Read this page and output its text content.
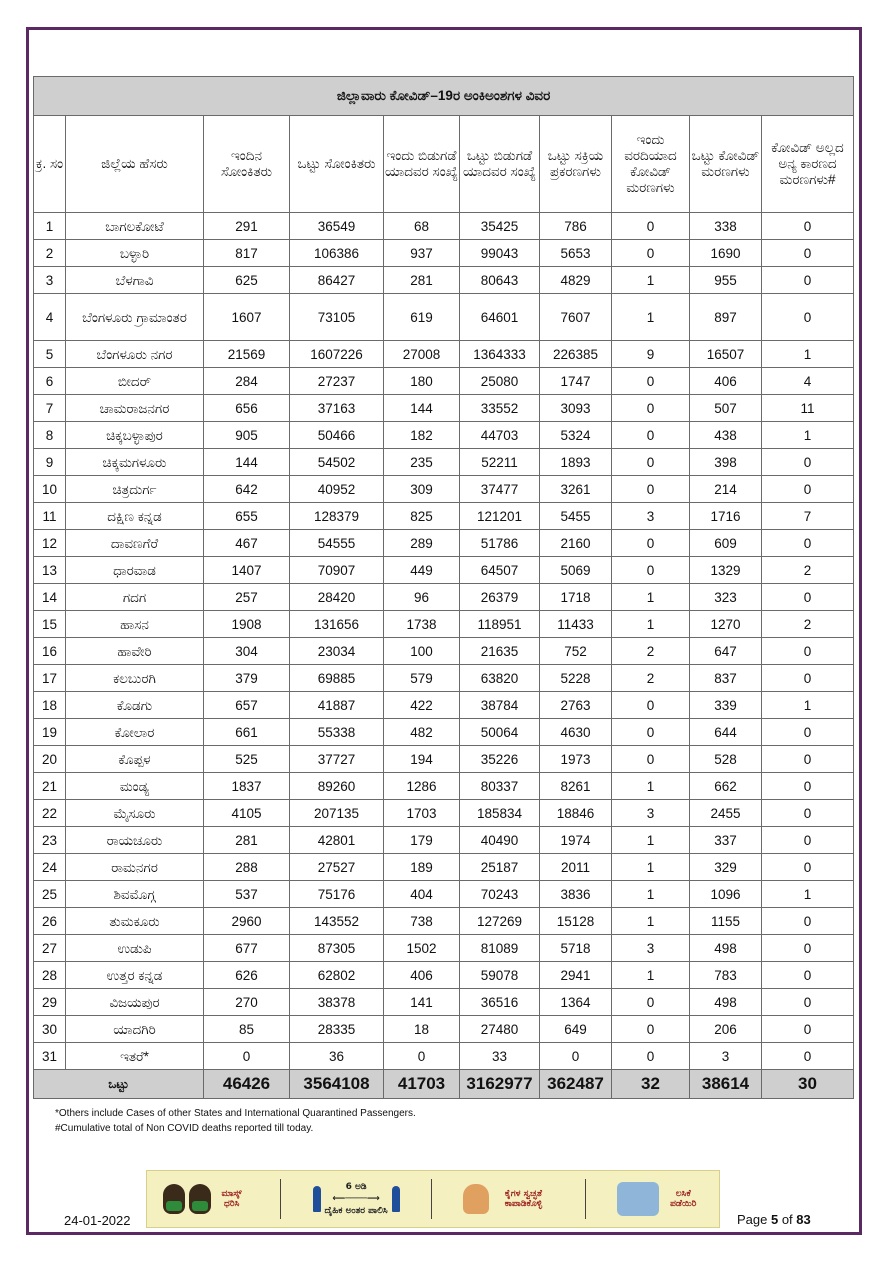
ಜಿಲ್ಲಾವಾರು ಕೋವಿಡ್–19ರ ಅಂಕಿಅಂಶಗಳ ವಿವರ									
ಕ್ರ. ಸಂ	ಜಿಲ್ಲೆಯ ಹೆಸರು	ಇಂದಿನ ಸೋಂಕಿತರು	ಒಟ್ಟು ಸೋಂಕಿತರು	ಇಂದು ಬಿಡುಗಡೆ ಯಾದವರ ಸಂಖ್ಯೆ	ಒಟ್ಟು ಬಿಡುಗಡೆ ಯಾದವರ ಸಂಖ್ಯೆ	ಒಟ್ಟು ಸಕ್ರಿಯ ಪ್ರಕರಣಗಳು	ಇಂದು ವರದಿಯಾದ ಕೋವಿಡ್ ಮರಣಗಳು	ಒಟ್ಟು ಕೋವಿಡ್ ಮರಣಗಳು	ಕೋವಿಡ್ ಅಲ್ಲದ ಅನ್ಯ ಕಾರಣದ ಮರಣಗಳು#
1	ಬಾಗಲಕೋಟೆ	291	36549	68	35425	786	0	338	0
2	ಬಳ್ಳಾರಿ	817	106386	937	99043	5653	0	1690	0
3	ಬೆಳಗಾವಿ	625	86427	281	80643	4829	1	955	0
4	ಬೆಂಗಳೂರು ಗ್ರಾಮಾಂತರ	1607	73105	619	64601	7607	1	897	0
5	ಬೆಂಗಳೂರು ನಗರ	21569	1607226	27008	1364333	226385	9	16507	1
6	ಬೀದರ್	284	27237	180	25080	1747	0	406	4
7	ಚಾಮರಾಜನಗರ	656	37163	144	33552	3093	0	507	11
8	ಚಿಕ್ಕಬಳ್ಳಾಪುರ	905	50466	182	44703	5324	0	438	1
9	ಚಿಕ್ಕಮಗಳೂರು	144	54502	235	52211	1893	0	398	0
10	ಚಿತ್ರದುರ್ಗ	642	40952	309	37477	3261	0	214	0
11	ದಕ್ಷಿಣ ಕನ್ನಡ	655	128379	825	121201	5455	3	1716	7
12	ದಾವಣಗೆರೆ	467	54555	289	51786	2160	0	609	0
13	ಧಾರವಾಡ	1407	70907	449	64507	5069	0	1329	2
14	ಗದಗ	257	28420	96	26379	1718	1	323	0
15	ಹಾಸನ	1908	131656	1738	118951	11433	1	1270	2
16	ಹಾವೇರಿ	304	23034	100	21635	752	2	647	0
17	ಕಲಬುರಗಿ	379	69885	579	63820	5228	2	837	0
18	ಕೊಡಗು	657	41887	422	38784	2763	0	339	1
19	ಕೋಲಾರ	661	55338	482	50064	4630	0	644	0
20	ಕೊಪ್ಪಳ	525	37727	194	35226	1973	0	528	0
21	ಮಂಡ್ಯ	1837	89260	1286	80337	8261	1	662	0
22	ಮೈಸೂರು	4105	207135	1703	185834	18846	3	2455	0
23	ರಾಯಚೂರು	281	42801	179	40490	1974	1	337	0
24	ರಾಮನಗರ	288	27527	189	25187	2011	1	329	0
25	ಶಿವಮೊಗ್ಗ	537	75176	404	70243	3836	1	1096	1
26	ತುಮಕೂರು	2960	143552	738	127269	15128	1	1155	0
27	ಉಡುಪಿ	677	87305	1502	81089	5718	3	498	0
28	ಉತ್ತರ ಕನ್ನಡ	626	62802	406	59078	2941	1	783	0
29	ವಿಜಯಪುರ	270	38378	141	36516	1364	0	498	0
30	ಯಾದಗಿರಿ	85	28335	18	27480	649	0	206	0
31	ಇತರೆ*	0	36	0	33	0	0	3	0
ಒಟ್ಟು		46426	3564108	41703	3162977	362487	32	38614	30
*Others include Cases of other States and International Quarantined Passengers.
#Cumulative total of Non COVID deaths reported till today.
ಮಾಸ್ಕ್ ಧರಿಸಿ
6 ಅಡಿ
⟵────⟶
ದೈಹಿಕ ಅಂತರ ಪಾಲಿಸಿ
ಕೈಗಳ ಸ್ವಚ್ಛತೆ ಕಾಪಾಡಿಕೊಳ್ಳಿ
ಲಸಿಕೆ ಪಡೆಯಿರಿ
24-01-2022	Page 5 of 83
